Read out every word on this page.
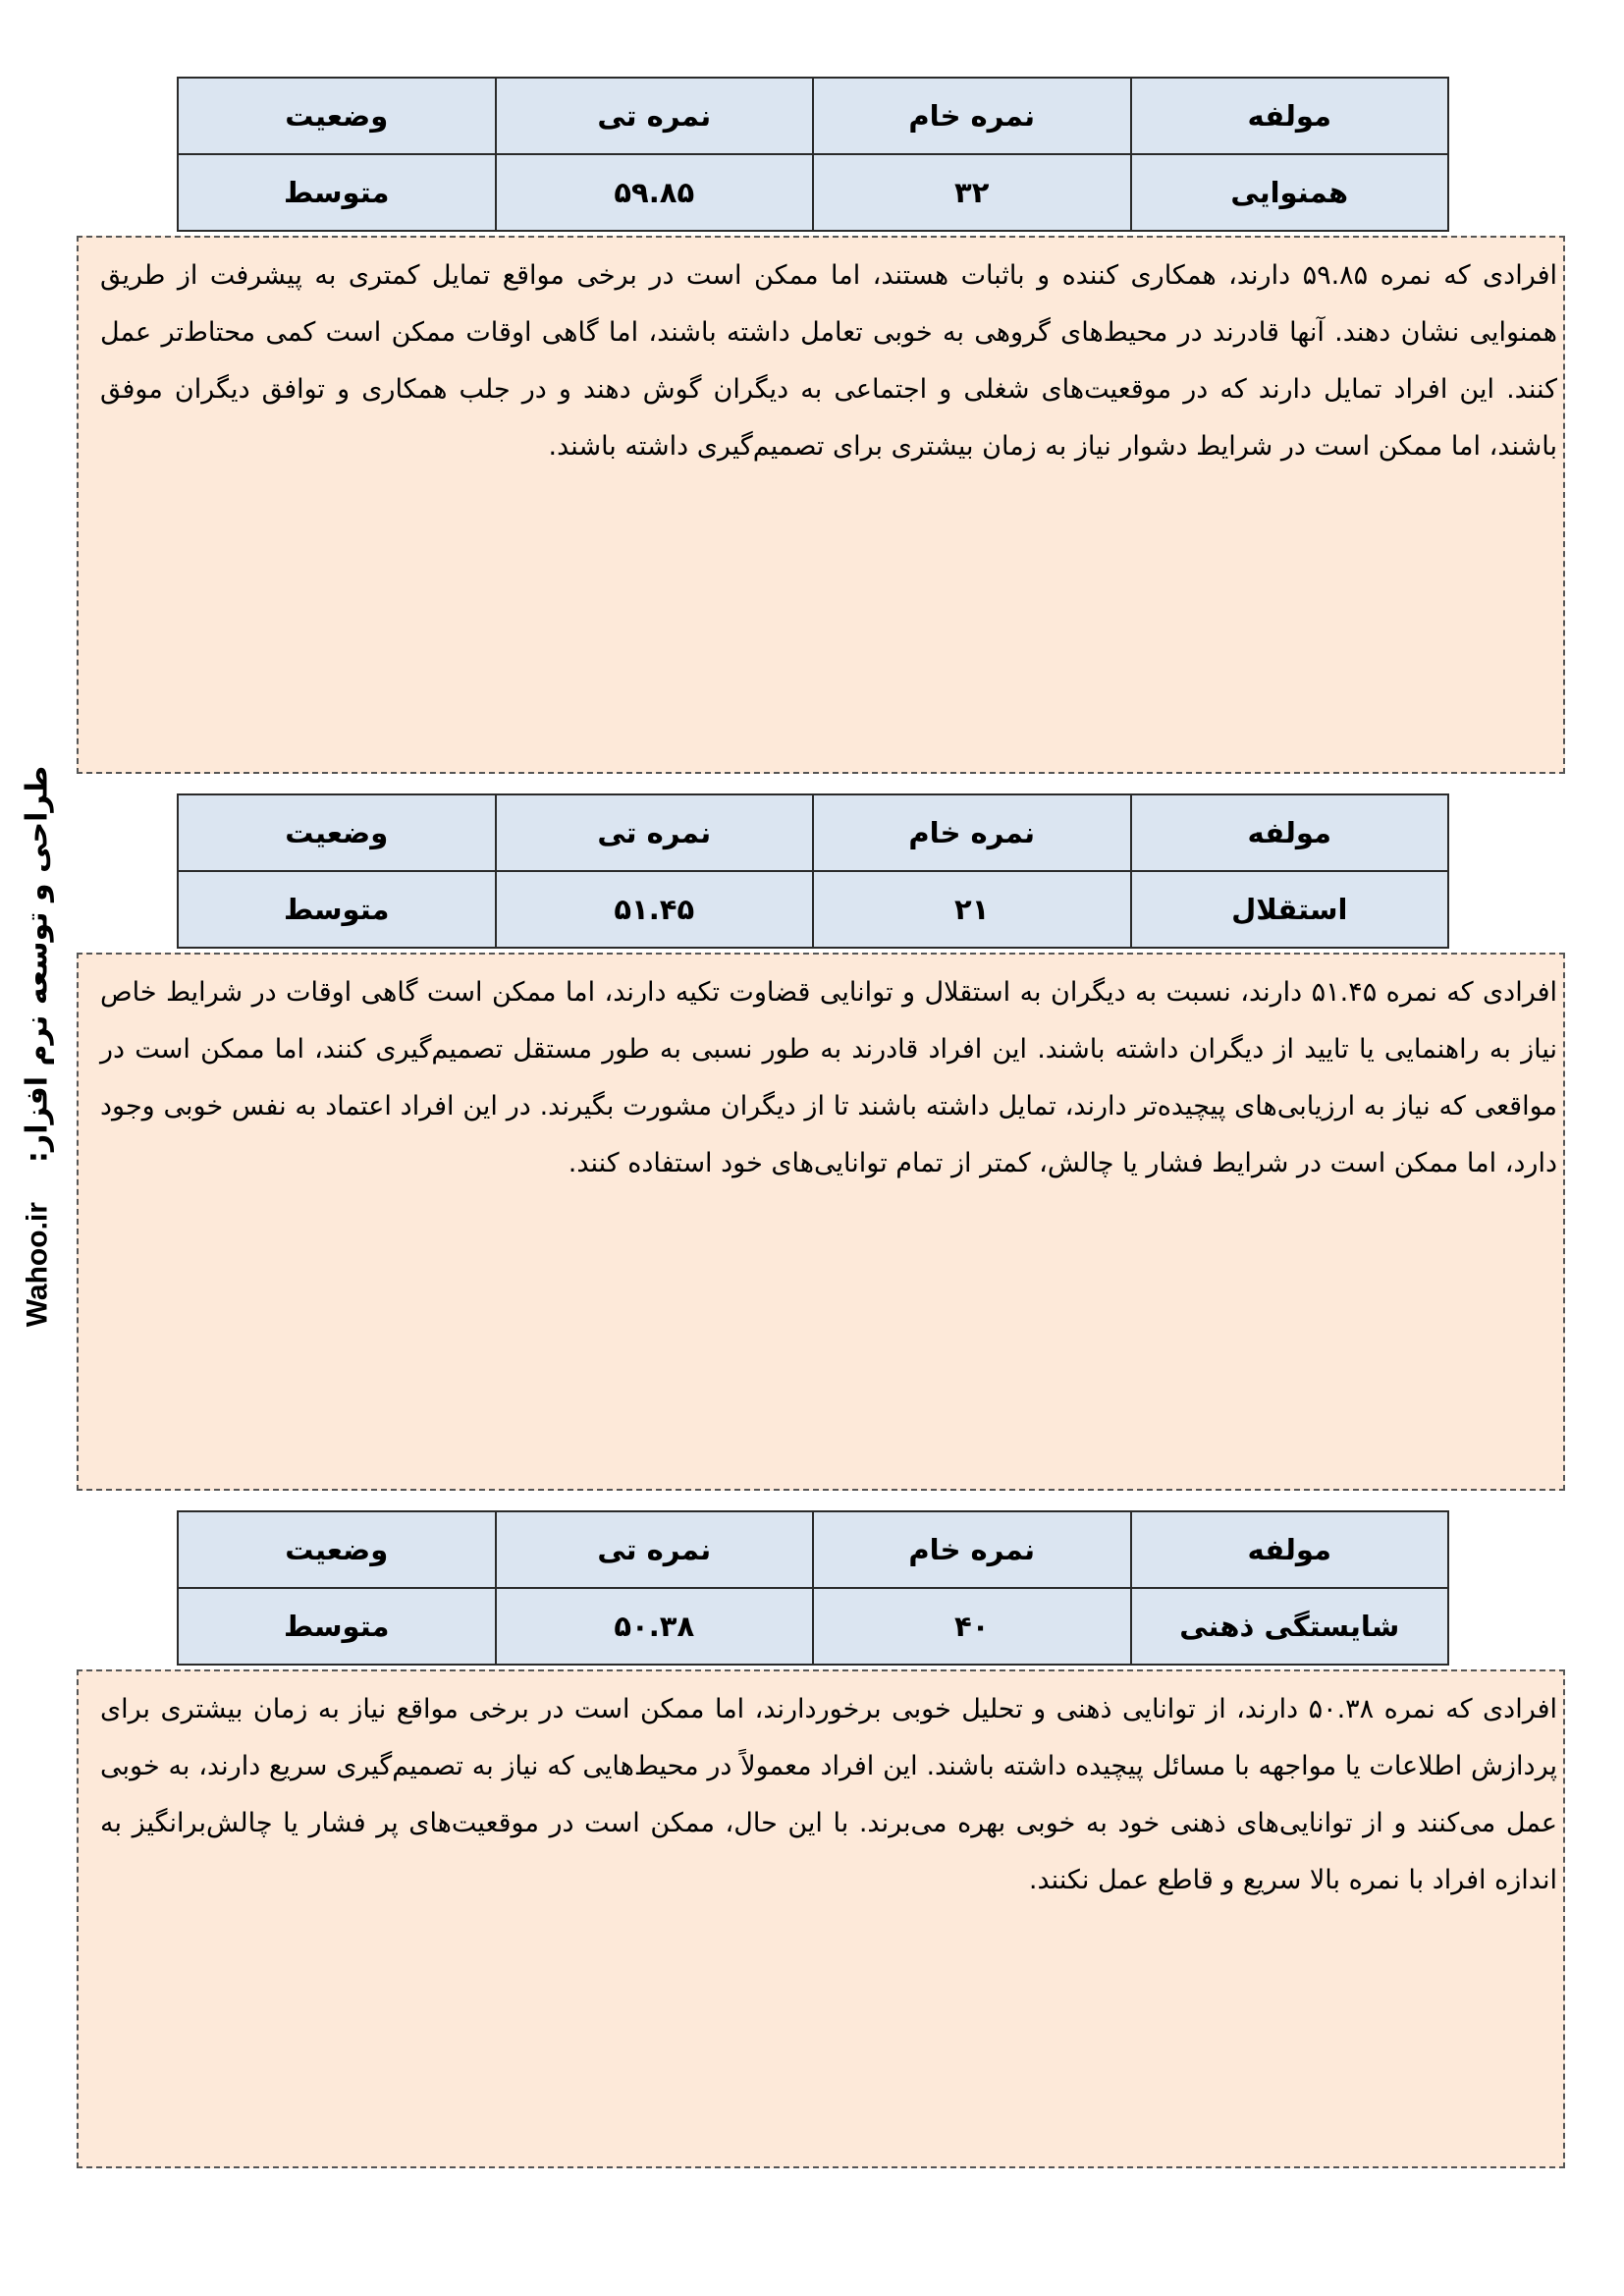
طراحی و توسعه نرم افزار:
Wahoo.ir
مولفه	نمره خام	نمره تی	وضعیت
همنوایی	۳۲	۵۹.۸۵	متوسط
افرادی که نمره ۵۹.۸۵ دارند، همکاری کننده و باثبات هستند، اما ممکن است در برخی مواقع تمایل کمتری به پیشرفت از طریق همنوایی نشان دهند. آنها قادرند در محیط‌های گروهی به خوبی تعامل داشته باشند، اما گاهی اوقات ممکن است کمی محتاط‌تر عمل کنند. این افراد تمایل دارند که در موقعیت‌های شغلی و اجتماعی به دیگران گوش دهند و در جلب همکاری و توافق دیگران موفق باشند، اما ممکن است در شرایط دشوار نیاز به زمان بیشتری برای تصمیم‌گیری داشته باشند.
مولفه	نمره خام	نمره تی	وضعیت
استقلال	۲۱	۵۱.۴۵	متوسط
افرادی که نمره ۵۱.۴۵ دارند، نسبت به دیگران به استقلال و توانایی قضاوت تکیه دارند، اما ممکن است گاهی اوقات در شرایط خاص نیاز به راهنمایی یا تایید از دیگران داشته باشند. این افراد قادرند به طور نسبی به طور مستقل تصمیم‌گیری کنند، اما ممکن است در مواقعی که نیاز به ارزیابی‌های پیچیده‌تر دارند، تمایل داشته باشند تا از دیگران مشورت بگیرند. در این افراد اعتماد به نفس خوبی وجود دارد، اما ممکن است در شرایط فشار یا چالش، کمتر از تمام توانایی‌های خود استفاده کنند.
مولفه	نمره خام	نمره تی	وضعیت
شایستگی ذهنی	۴۰	۵۰.۳۸	متوسط
افرادی که نمره ۵۰.۳۸ دارند، از توانایی ذهنی و تحلیل خوبی برخوردارند، اما ممکن است در برخی مواقع نیاز به زمان بیشتری برای پردازش اطلاعات یا مواجهه با مسائل پیچیده داشته باشند. این افراد معمولاً در محیط‌هایی که نیاز به تصمیم‌گیری سریع دارند، به خوبی عمل می‌کنند و از توانایی‌های ذهنی خود به خوبی بهره می‌برند. با این حال، ممکن است در موقعیت‌های پر فشار یا چالش‌برانگیز به اندازه افراد با نمره بالا سریع و قاطع عمل نکنند.
